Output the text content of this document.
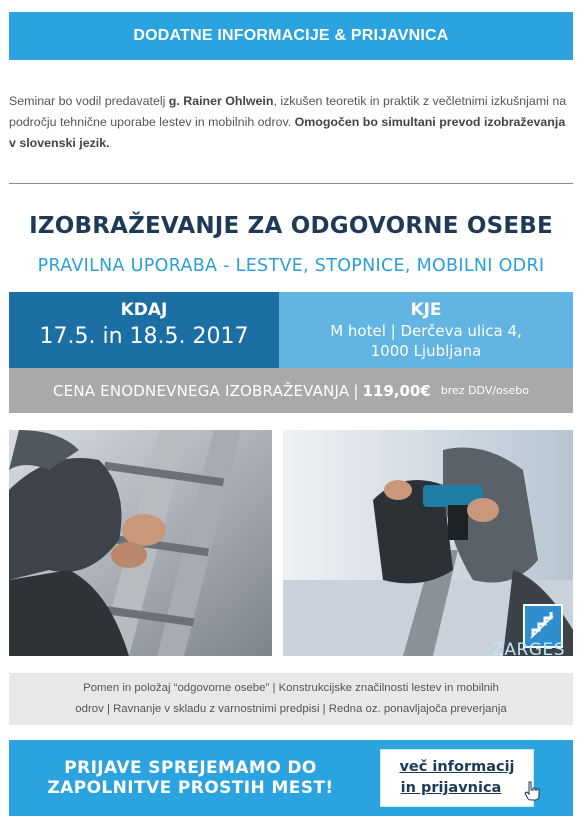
DODATNE INFORMACIJE & PRIJAVNICA

Seminar bo vodil predavatelj g. Rainer Ohlwein, izkušen teoretik in praktik z večletnimi izkušnjami na področju tehnične uporabe lestev in mobilnih odrov. Omogočen bo simultani prevod izobraževanja v slovenski jezik.

IZOBRAŽEVANJE ZA ODGOVORNE OSEBE
PRAVILNA UPORABA - LESTVE, STOPNICE, MOBILNI ODRI
KDAJ
17.5. in 18.5. 2017
KJE
M hotel | Derčeva ulica 4,
1000 Ljubljana
CENA ENODNEVNEGA IZOBRAŽEVANJA | 119,00€ brez DDV/osebo
ZARGES
Pomen in položaj “odgovorne osebe” | Konstrukcijske značilnosti lestev in mobilnih
odrov | Ravnanje v skladu z varnostnimi predpisi | Redna oz. ponavljajoča preverjanja
PRIJAVE SPREJEMAMO DO
ZAPOLNITVE PROSTIH MEST!
več informacij
in prijavnica
